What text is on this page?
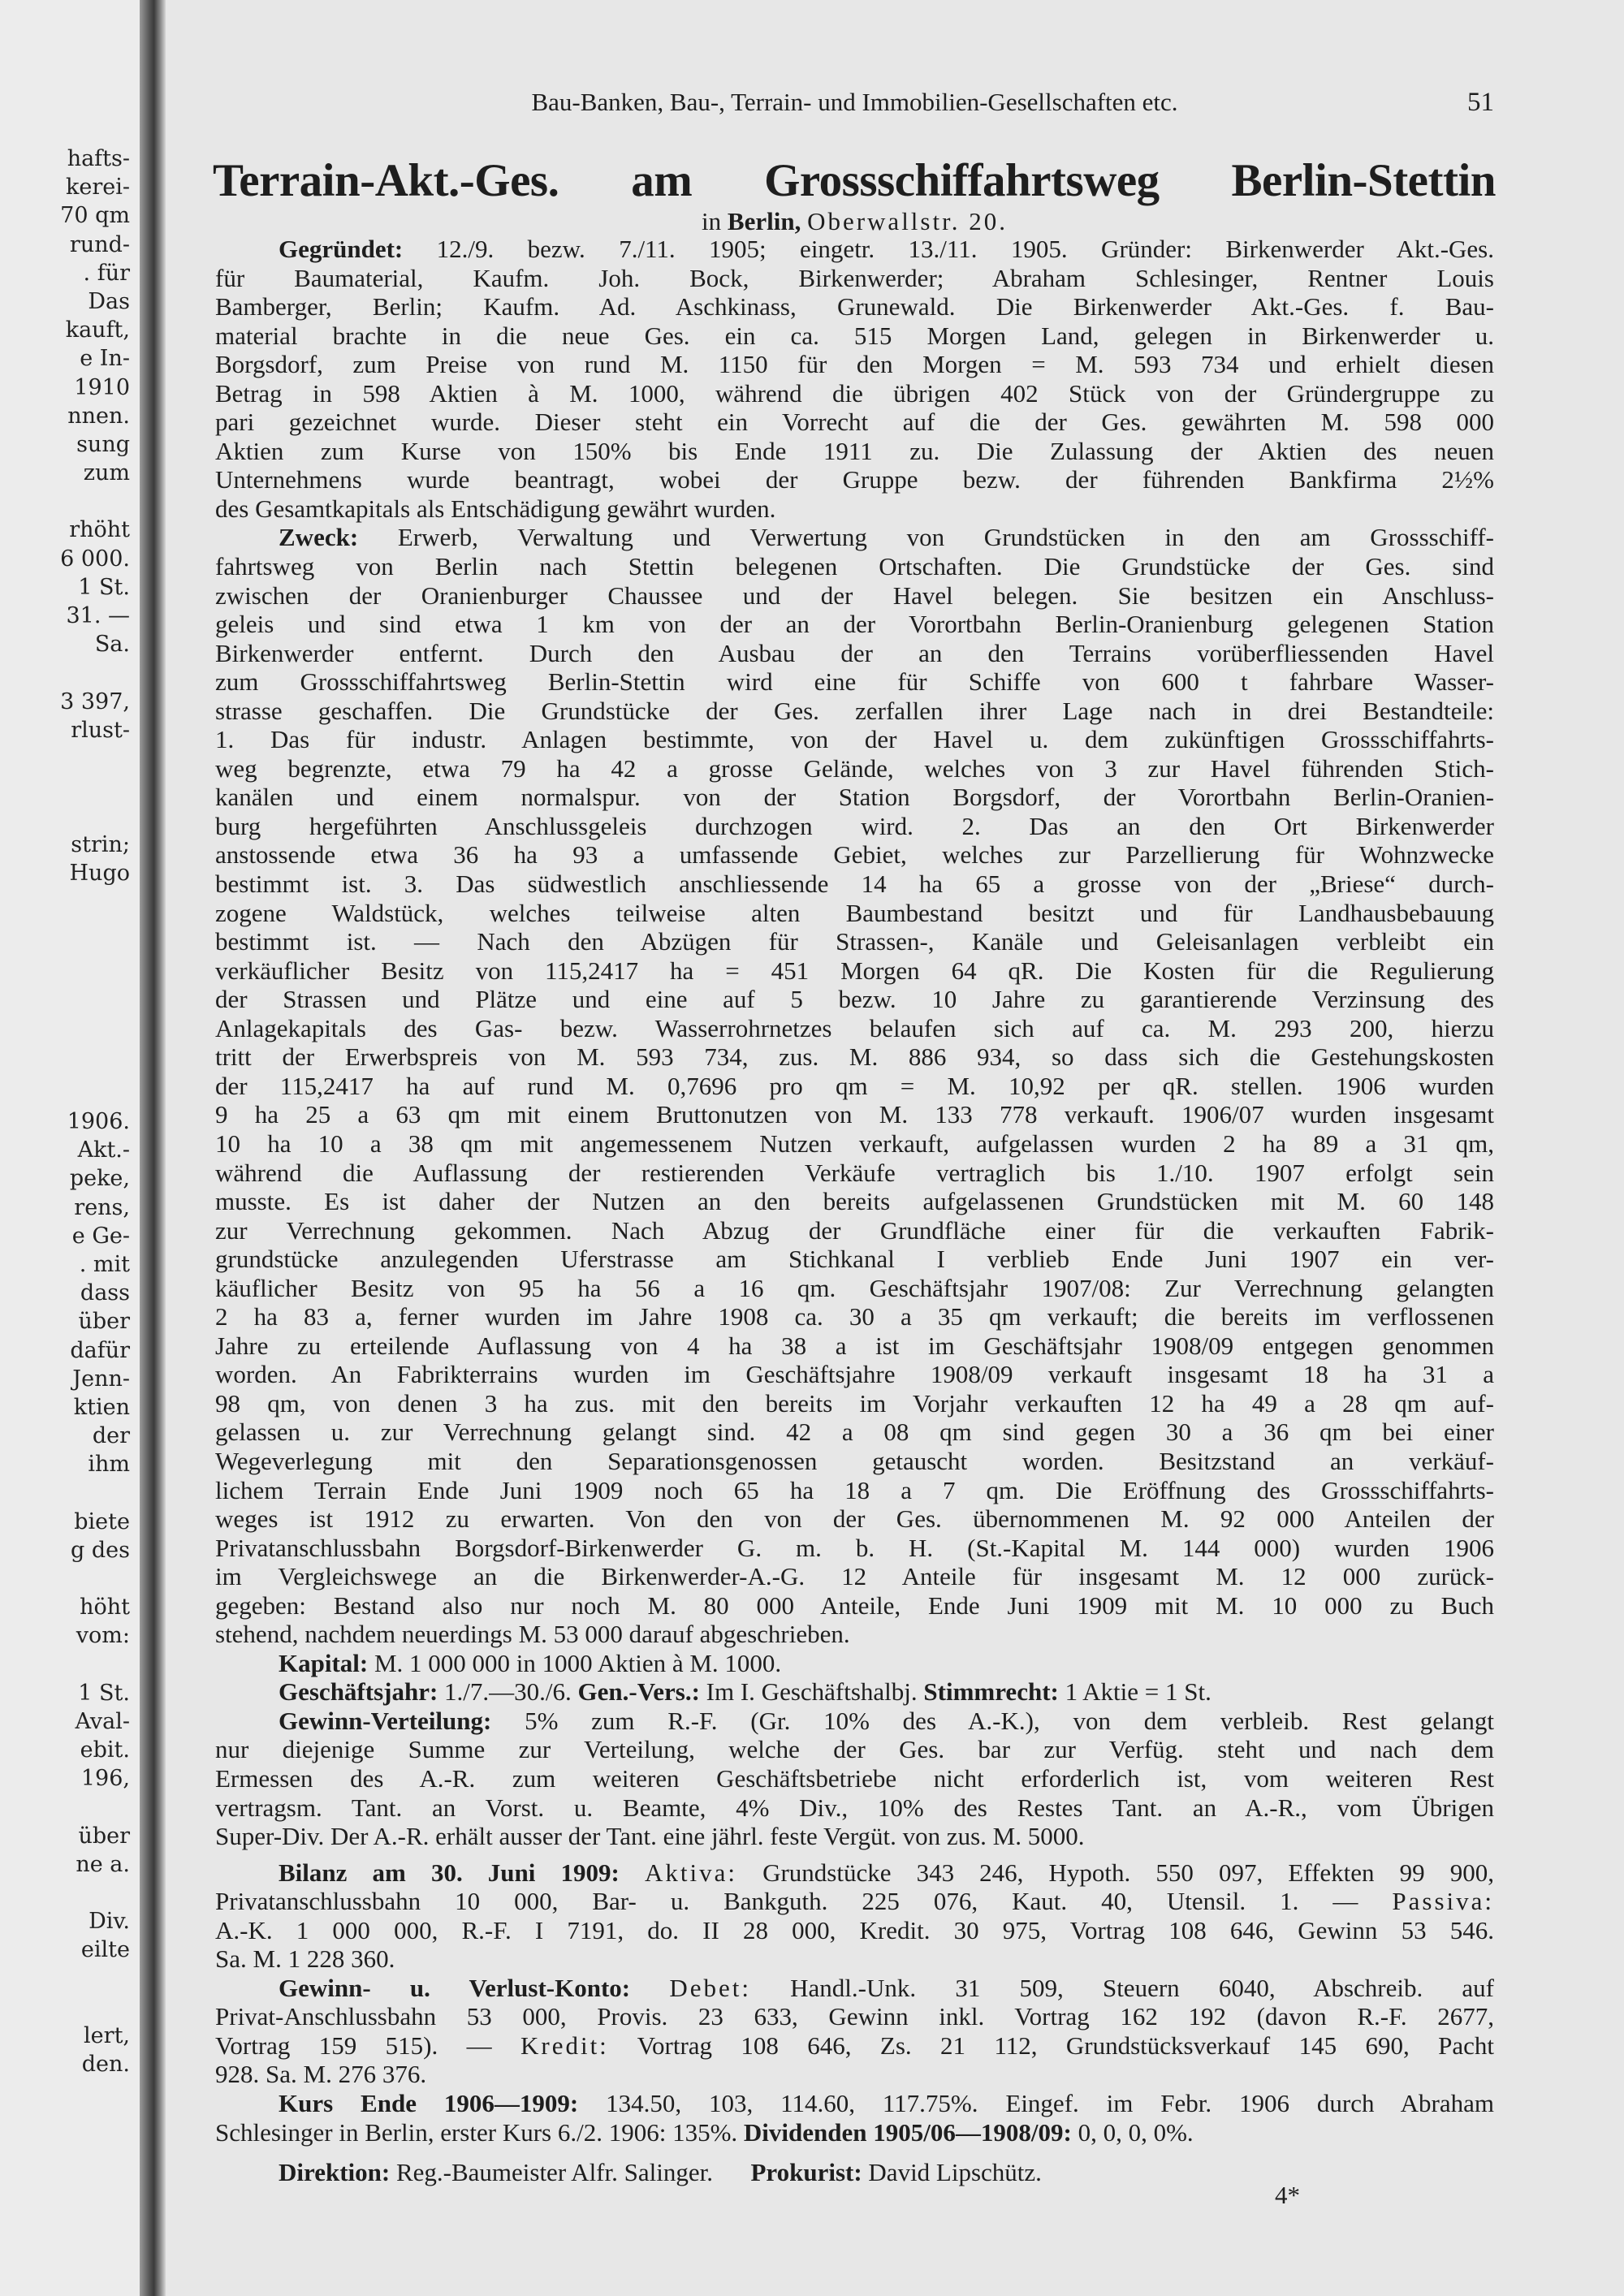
hafts-
kerei-
70 qm
rund-
. für
Das
kauft,
e In-
1910
nnen.
sung
zum
rhöht
6 000.
1 St.
31. —
Sa.
3 397,
rlust-
strin;
Hugo
1906.
Akt.-
peke,
rens,
e Ge-
. mit
dass
über
dafür
Jenn-
ktien
der
ihm
biete
g des
höht
vom:
1 St.
Aval-
ebit.
196,
über
ne a.
Div.
eilte
lert,
den.
Bau-Banken, Bau-, Terrain- und Immobilien-Gesellschaften etc.	51
Terrain-Akt.-Ges. am Grossschiffahrtsweg Berlin-Stettin
in Berlin, Oberwallstr. 20.
Gegründet: 12./9. bezw. 7./11. 1905; eingetr. 13./11. 1905. Gründer: Birkenwerder Akt.-Ges.
für Baumaterial, Kaufm. Joh. Bock, Birkenwerder; Abraham Schlesinger, Rentner Louis
Bamberger, Berlin; Kaufm. Ad. Aschkinass, Grunewald. Die Birkenwerder Akt.-Ges. f. Bau-
material brachte in die neue Ges. ein ca. 515 Morgen Land, gelegen in Birkenwerder u.
Borgsdorf, zum Preise von rund M. 1150 für den Morgen = M. 593 734 und erhielt diesen
Betrag in 598 Aktien à M. 1000, während die übrigen 402 Stück von der Gründergruppe zu
pari gezeichnet wurde. Dieser steht ein Vorrecht auf die der Ges. gewährten M. 598 000
Aktien zum Kurse von 150% bis Ende 1911 zu. Die Zulassung der Aktien des neuen
Unternehmens wurde beantragt, wobei der Gruppe bezw. der führenden Bankfirma 2½%
des Gesamtkapitals als Entschädigung gewährt wurden.
Zweck: Erwerb, Verwaltung und Verwertung von Grundstücken in den am Grossschiff-
fahrtsweg von Berlin nach Stettin belegenen Ortschaften. Die Grundstücke der Ges. sind
zwischen der Oranienburger Chaussee und der Havel belegen. Sie besitzen ein Anschluss-
geleis und sind etwa 1 km von der an der Vorortbahn Berlin-Oranienburg gelegenen Station
Birkenwerder entfernt. Durch den Ausbau der an den Terrains vorüberfliessenden Havel
zum Grossschiffahrtsweg Berlin-Stettin wird eine für Schiffe von 600 t fahrbare Wasser-
strasse geschaffen. Die Grundstücke der Ges. zerfallen ihrer Lage nach in drei Bestandteile:
1. Das für industr. Anlagen bestimmte, von der Havel u. dem zukünftigen Grossschiffahrts-
weg begrenzte, etwa 79 ha 42 a grosse Gelände, welches von 3 zur Havel führenden Stich-
kanälen und einem normalspur. von der Station Borgsdorf, der Vorortbahn Berlin-Oranien-
burg hergeführten Anschlussgeleis durchzogen wird. 2. Das an den Ort Birkenwerder
anstossende etwa 36 ha 93 a umfassende Gebiet, welches zur Parzellierung für Wohnzwecke
bestimmt ist. 3. Das südwestlich anschliessende 14 ha 65 a grosse von der „Briese“ durch-
zogene Waldstück, welches teilweise alten Baumbestand besitzt und für Landhausbebauung
bestimmt ist. — Nach den Abzügen für Strassen-, Kanäle und Geleisanlagen verbleibt ein
verkäuflicher Besitz von 115,2417 ha = 451 Morgen 64 qR. Die Kosten für die Regulierung
der Strassen und Plätze und eine auf 5 bezw. 10 Jahre zu garantierende Verzinsung des
Anlagekapitals des Gas- bezw. Wasserrohrnetzes belaufen sich auf ca. M. 293 200, hierzu
tritt der Erwerbspreis von M. 593 734, zus. M. 886 934, so dass sich die Gestehungskosten
der 115,2417 ha auf rund M. 0,7696 pro qm = M. 10,92 per qR. stellen. 1906 wurden
9 ha 25 a 63 qm mit einem Bruttonutzen von M. 133 778 verkauft. 1906/07 wurden insgesamt
10 ha 10 a 38 qm mit angemessenem Nutzen verkauft, aufgelassen wurden 2 ha 89 a 31 qm,
während die Auflassung der restierenden Verkäufe vertraglich bis 1./10. 1907 erfolgt sein
musste. Es ist daher der Nutzen an den bereits aufgelassenen Grundstücken mit M. 60 148
zur Verrechnung gekommen. Nach Abzug der Grundfläche einer für die verkauften Fabrik-
grundstücke anzulegenden Uferstrasse am Stichkanal I verblieb Ende Juni 1907 ein ver-
käuflicher Besitz von 95 ha 56 a 16 qm. Geschäftsjahr 1907/08: Zur Verrechnung gelangten
2 ha 83 a, ferner wurden im Jahre 1908 ca. 30 a 35 qm verkauft; die bereits im verflossenen
Jahre zu erteilende Auflassung von 4 ha 38 a ist im Geschäftsjahr 1908/09 entgegen genommen
worden. An Fabrikterrains wurden im Geschäftsjahre 1908/09 verkauft insgesamt 18 ha 31 a
98 qm, von denen 3 ha zus. mit den bereits im Vorjahr verkauften 12 ha 49 a 28 qm auf-
gelassen u. zur Verrechnung gelangt sind. 42 a 08 qm sind gegen 30 a 36 qm bei einer
Wegeverlegung mit den Separationsgenossen getauscht worden. Besitzstand an verkäuf-
lichem Terrain Ende Juni 1909 noch 65 ha 18 a 7 qm. Die Eröffnung des Grossschiffahrts-
weges ist 1912 zu erwarten. Von den von der Ges. übernommenen M. 92 000 Anteilen der
Privatanschlussbahn Borgsdorf-Birkenwerder G. m. b. H. (St.-Kapital M. 144 000) wurden 1906
im Vergleichswege an die Birkenwerder-A.-G. 12 Anteile für insgesamt M. 12 000 zurück-
gegeben: Bestand also nur noch M. 80 000 Anteile, Ende Juni 1909 mit M. 10 000 zu Buch
stehend, nachdem neuerdings M. 53 000 darauf abgeschrieben.
Kapital: M. 1 000 000 in 1000 Aktien à M. 1000.
Geschäftsjahr: 1./7.—30./6. Gen.-Vers.: Im I. Geschäftshalbj. Stimmrecht: 1 Aktie = 1 St.
Gewinn-Verteilung: 5% zum R.-F. (Gr. 10% des A.-K.), von dem verbleib. Rest gelangt
nur diejenige Summe zur Verteilung, welche der Ges. bar zur Verfüg. steht und nach dem
Ermessen des A.-R. zum weiteren Geschäftsbetriebe nicht erforderlich ist, vom weiteren Rest
vertragsm. Tant. an Vorst. u. Beamte, 4% Div., 10% des Restes Tant. an A.-R., vom Übrigen
Super-Div. Der A.-R. erhält ausser der Tant. eine jährl. feste Vergüt. von zus. M. 5000.
Bilanz am 30. Juni 1909: Aktiva: Grundstücke 343 246, Hypoth. 550 097, Effekten 99 900,
Privatanschlussbahn 10 000, Bar- u. Bankguth. 225 076, Kaut. 40, Utensil. 1. — Passiva:
A.-K. 1 000 000, R.-F. I 7191, do. II 28 000, Kredit. 30 975, Vortrag 108 646, Gewinn 53 546.
Sa. M. 1 228 360.
Gewinn- u. Verlust-Konto: Debet: Handl.-Unk. 31 509, Steuern 6040, Abschreib. auf
Privat-Anschlussbahn 53 000, Provis. 23 633, Gewinn inkl. Vortrag 162 192 (davon R.-F. 2677,
Vortrag 159 515). — Kredit: Vortrag 108 646, Zs. 21 112, Grundstücksverkauf 145 690, Pacht
928. Sa. M. 276 376.
Kurs Ende 1906—1909: 134.50, 103, 114.60, 117.75%. Eingef. im Febr. 1906 durch Abraham
Schlesinger in Berlin, erster Kurs 6./2. 1906: 135%. Dividenden 1905/06—1908/09: 0, 0, 0, 0%.
Direktion: Reg.-Baumeister Alfr. Salinger.      Prokurist: David Lipschütz.
4*
